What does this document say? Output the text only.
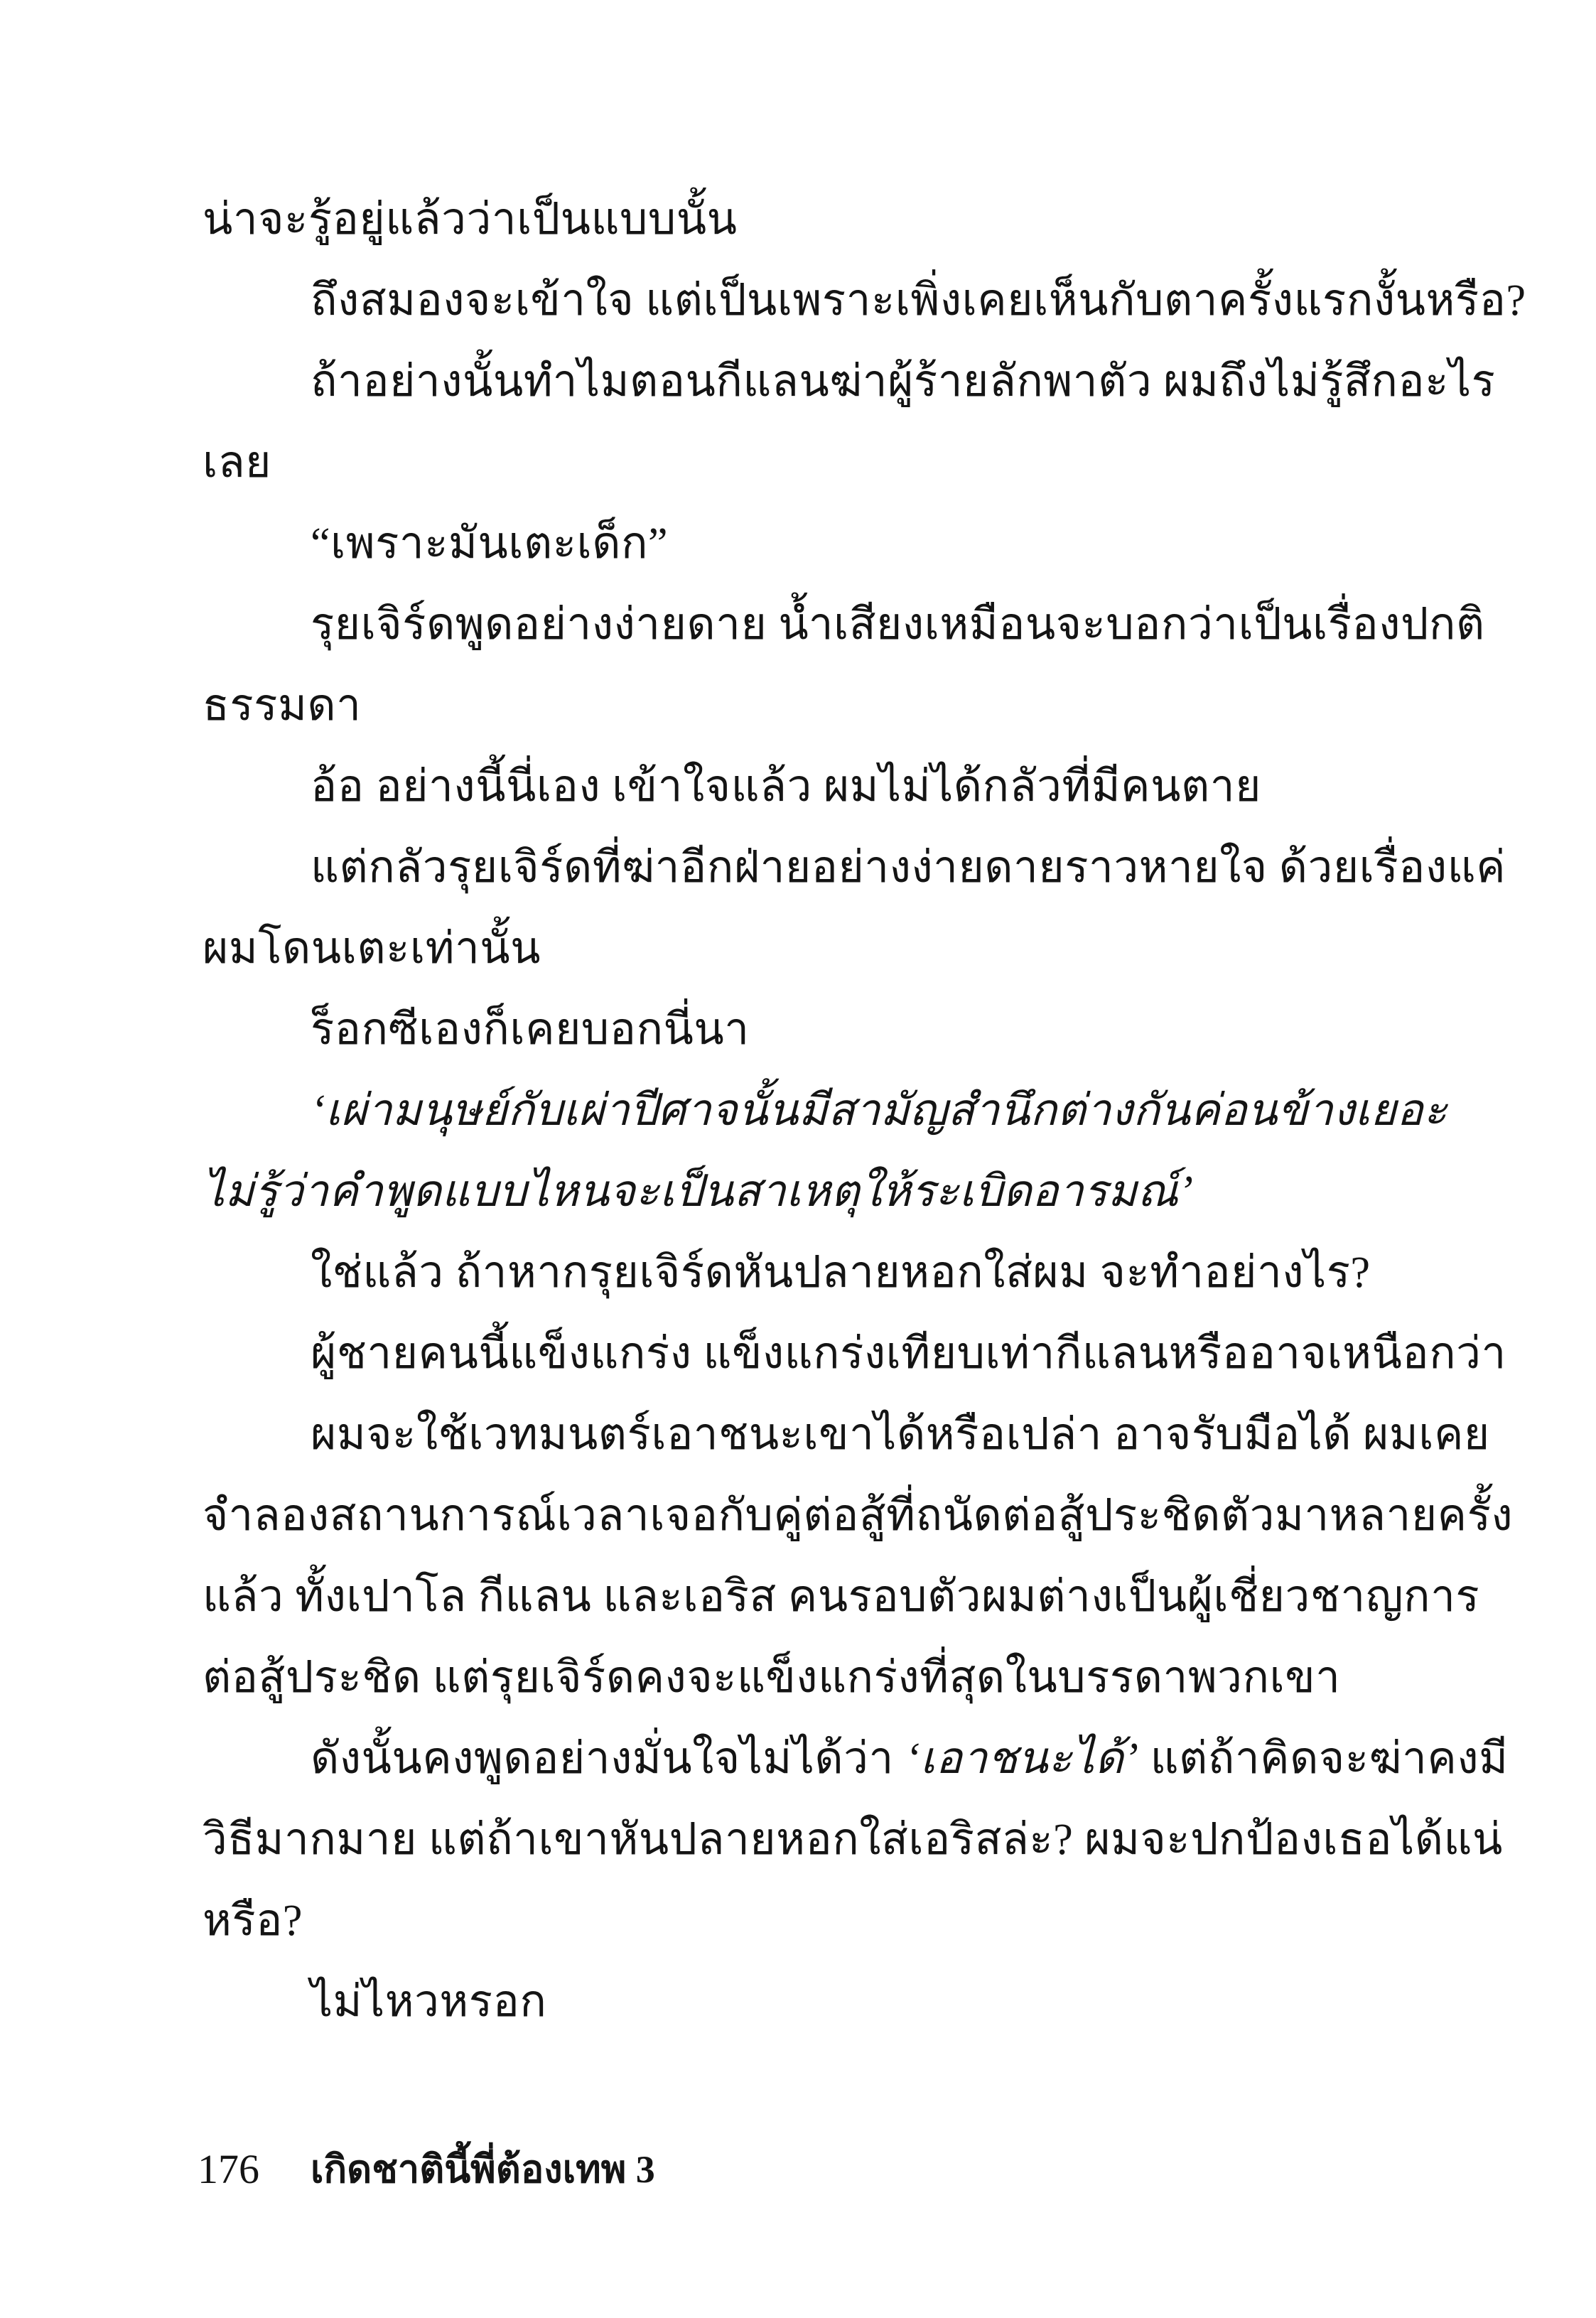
น่าจะรู้อยู่แล้วว่าเป็นแบบนั้น
ถึงสมองจะเข้าใจ แต่เป็นเพราะเพิ่งเคยเห็นกับตาครั้งแรกงั้นหรือ?
ถ้าอย่างนั้นทำไมตอนกีแลนฆ่าผู้ร้ายลักพาตัว ผมถึงไม่รู้สึกอะไร
เลย
“เพราะมันเตะเด็ก”
รุยเจิร์ดพูดอย่างง่ายดาย น้ำเสียงเหมือนจะบอกว่าเป็นเรื่องปกติ
ธรรมดา
อ้อ อย่างนี้นี่เอง เข้าใจแล้ว ผมไม่ได้กลัวที่มีคนตาย
แต่กลัวรุยเจิร์ดที่ฆ่าอีกฝ่ายอย่างง่ายดายราวหายใจ ด้วยเรื่องแค่
ผมโดนเตะเท่านั้น
ร็อกซีเองก็เคยบอกนี่นา
‘เผ่ามนุษย์กับเผ่าปีศาจนั้นมีสามัญสำนึกต่างกันค่อนข้างเยอะ
ไม่รู้ว่าคำพูดแบบไหนจะเป็นสาเหตุให้ระเบิดอารมณ์’
ใช่แล้ว ถ้าหากรุยเจิร์ดหันปลายหอกใส่ผม จะทำอย่างไร?
ผู้ชายคนนี้แข็งแกร่ง แข็งแกร่งเทียบเท่ากีแลนหรืออาจเหนือกว่า
ผมจะใช้เวทมนตร์เอาชนะเขาได้หรือเปล่า อาจรับมือได้ ผมเคย
จำลองสถานการณ์เวลาเจอกับคู่ต่อสู้ที่ถนัดต่อสู้ประชิดตัวมาหลายครั้ง
แล้ว ทั้งเปาโล กีแลน และเอริส คนรอบตัวผมต่างเป็นผู้เชี่ยวชาญการ
ต่อสู้ประชิด แต่รุยเจิร์ดคงจะแข็งแกร่งที่สุดในบรรดาพวกเขา
ดังนั้นคงพูดอย่างมั่นใจไม่ได้ว่า ‘เอาชนะได้’ แต่ถ้าคิดจะฆ่าคงมี
วิธีมากมาย แต่ถ้าเขาหันปลายหอกใส่เอริสล่ะ? ผมจะปกป้องเธอได้แน่
หรือ?
ไม่ไหวหรอก
176 เกิดชาตินี้พี่ต้องเทพ 3
